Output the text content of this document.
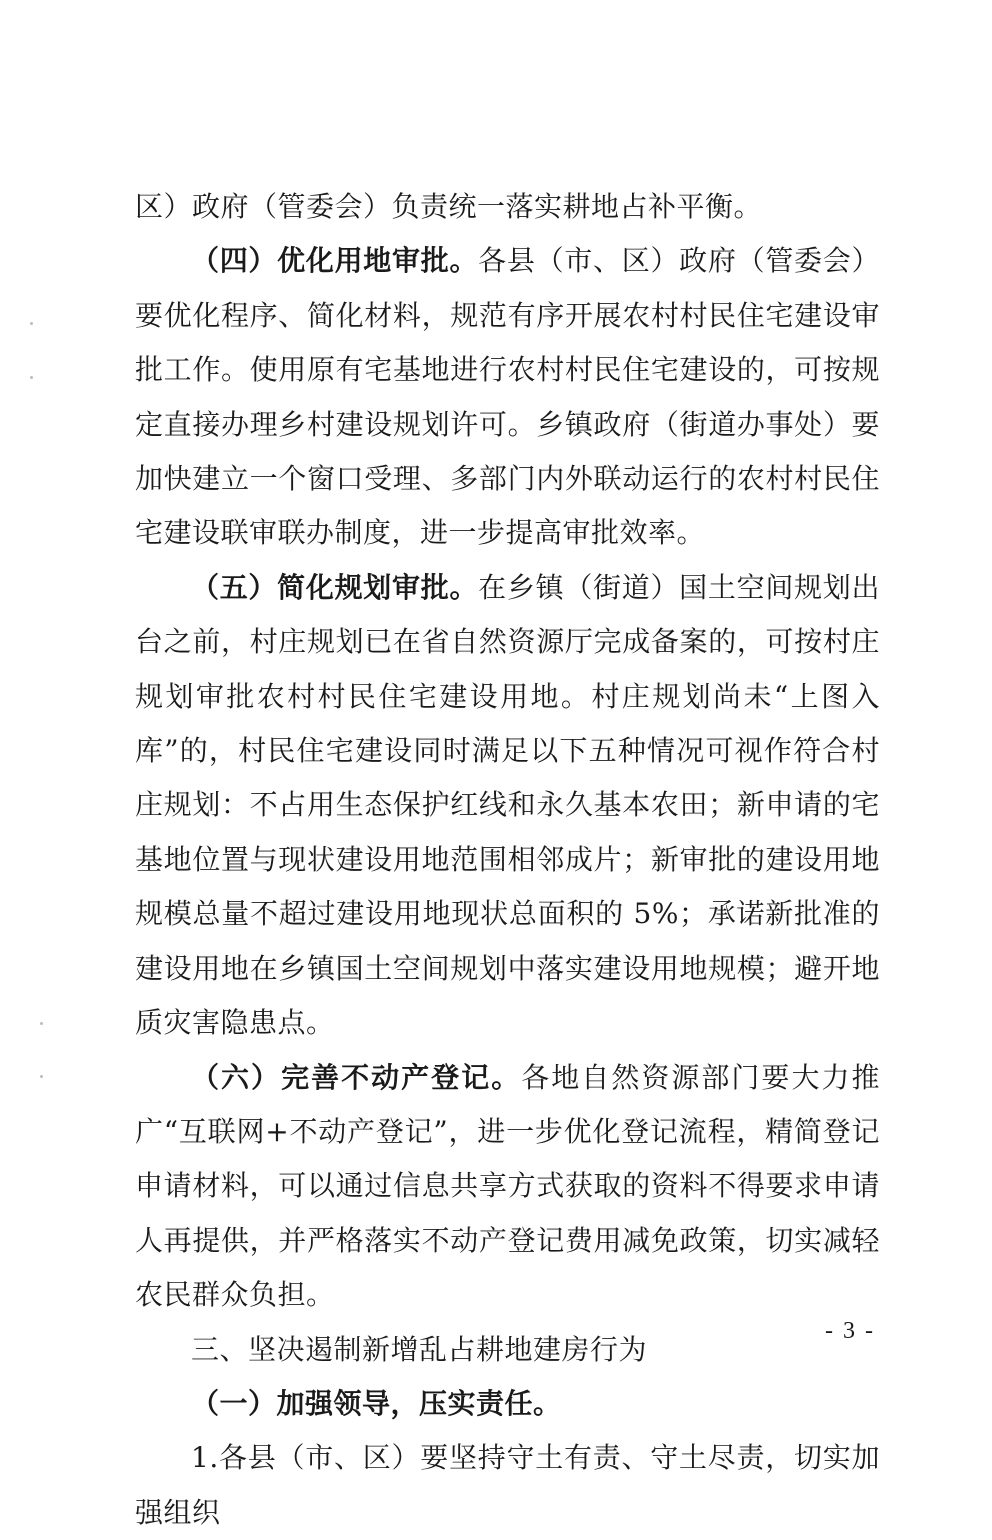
区）政府（管委会）负责统一落实耕地占补平衡。

（四）优化用地审批。各县（市、区）政府（管委会）要优化程序、简化材料，规范有序开展农村村民住宅建设审批工作。使用原有宅基地进行农村村民住宅建设的，可按规定直接办理乡村建设规划许可。乡镇政府（街道办事处）要加快建立一个窗口受理、多部门内外联动运行的农村村民住宅建设联审联办制度，进一步提高审批效率。

（五）简化规划审批。在乡镇（街道）国土空间规划出台之前，村庄规划已在省自然资源厅完成备案的，可按村庄规划审批农村村民住宅建设用地。村庄规划尚未“上图入库”的，村民住宅建设同时满足以下五种情况可视作符合村庄规划：不占用生态保护红线和永久基本农田；新申请的宅基地位置与现状建设用地范围相邻成片；新审批的建设用地规模总量不超过建设用地现状总面积的 5%；承诺新批准的建设用地在乡镇国土空间规划中落实建设用地规模；避开地质灾害隐患点。

（六）完善不动产登记。各地自然资源部门要大力推广“互联网+不动产登记”，进一步优化登记流程，精简登记申请材料，可以通过信息共享方式获取的资料不得要求申请人再提供，并严格落实不动产登记费用减免政策，切实减轻农民群众负担。

三、坚决遏制新增乱占耕地建房行为

（一）加强领导，压实责任。

1.各县（市、区）要坚持守土有责、守土尽责，切实加强组织

- 3 -
